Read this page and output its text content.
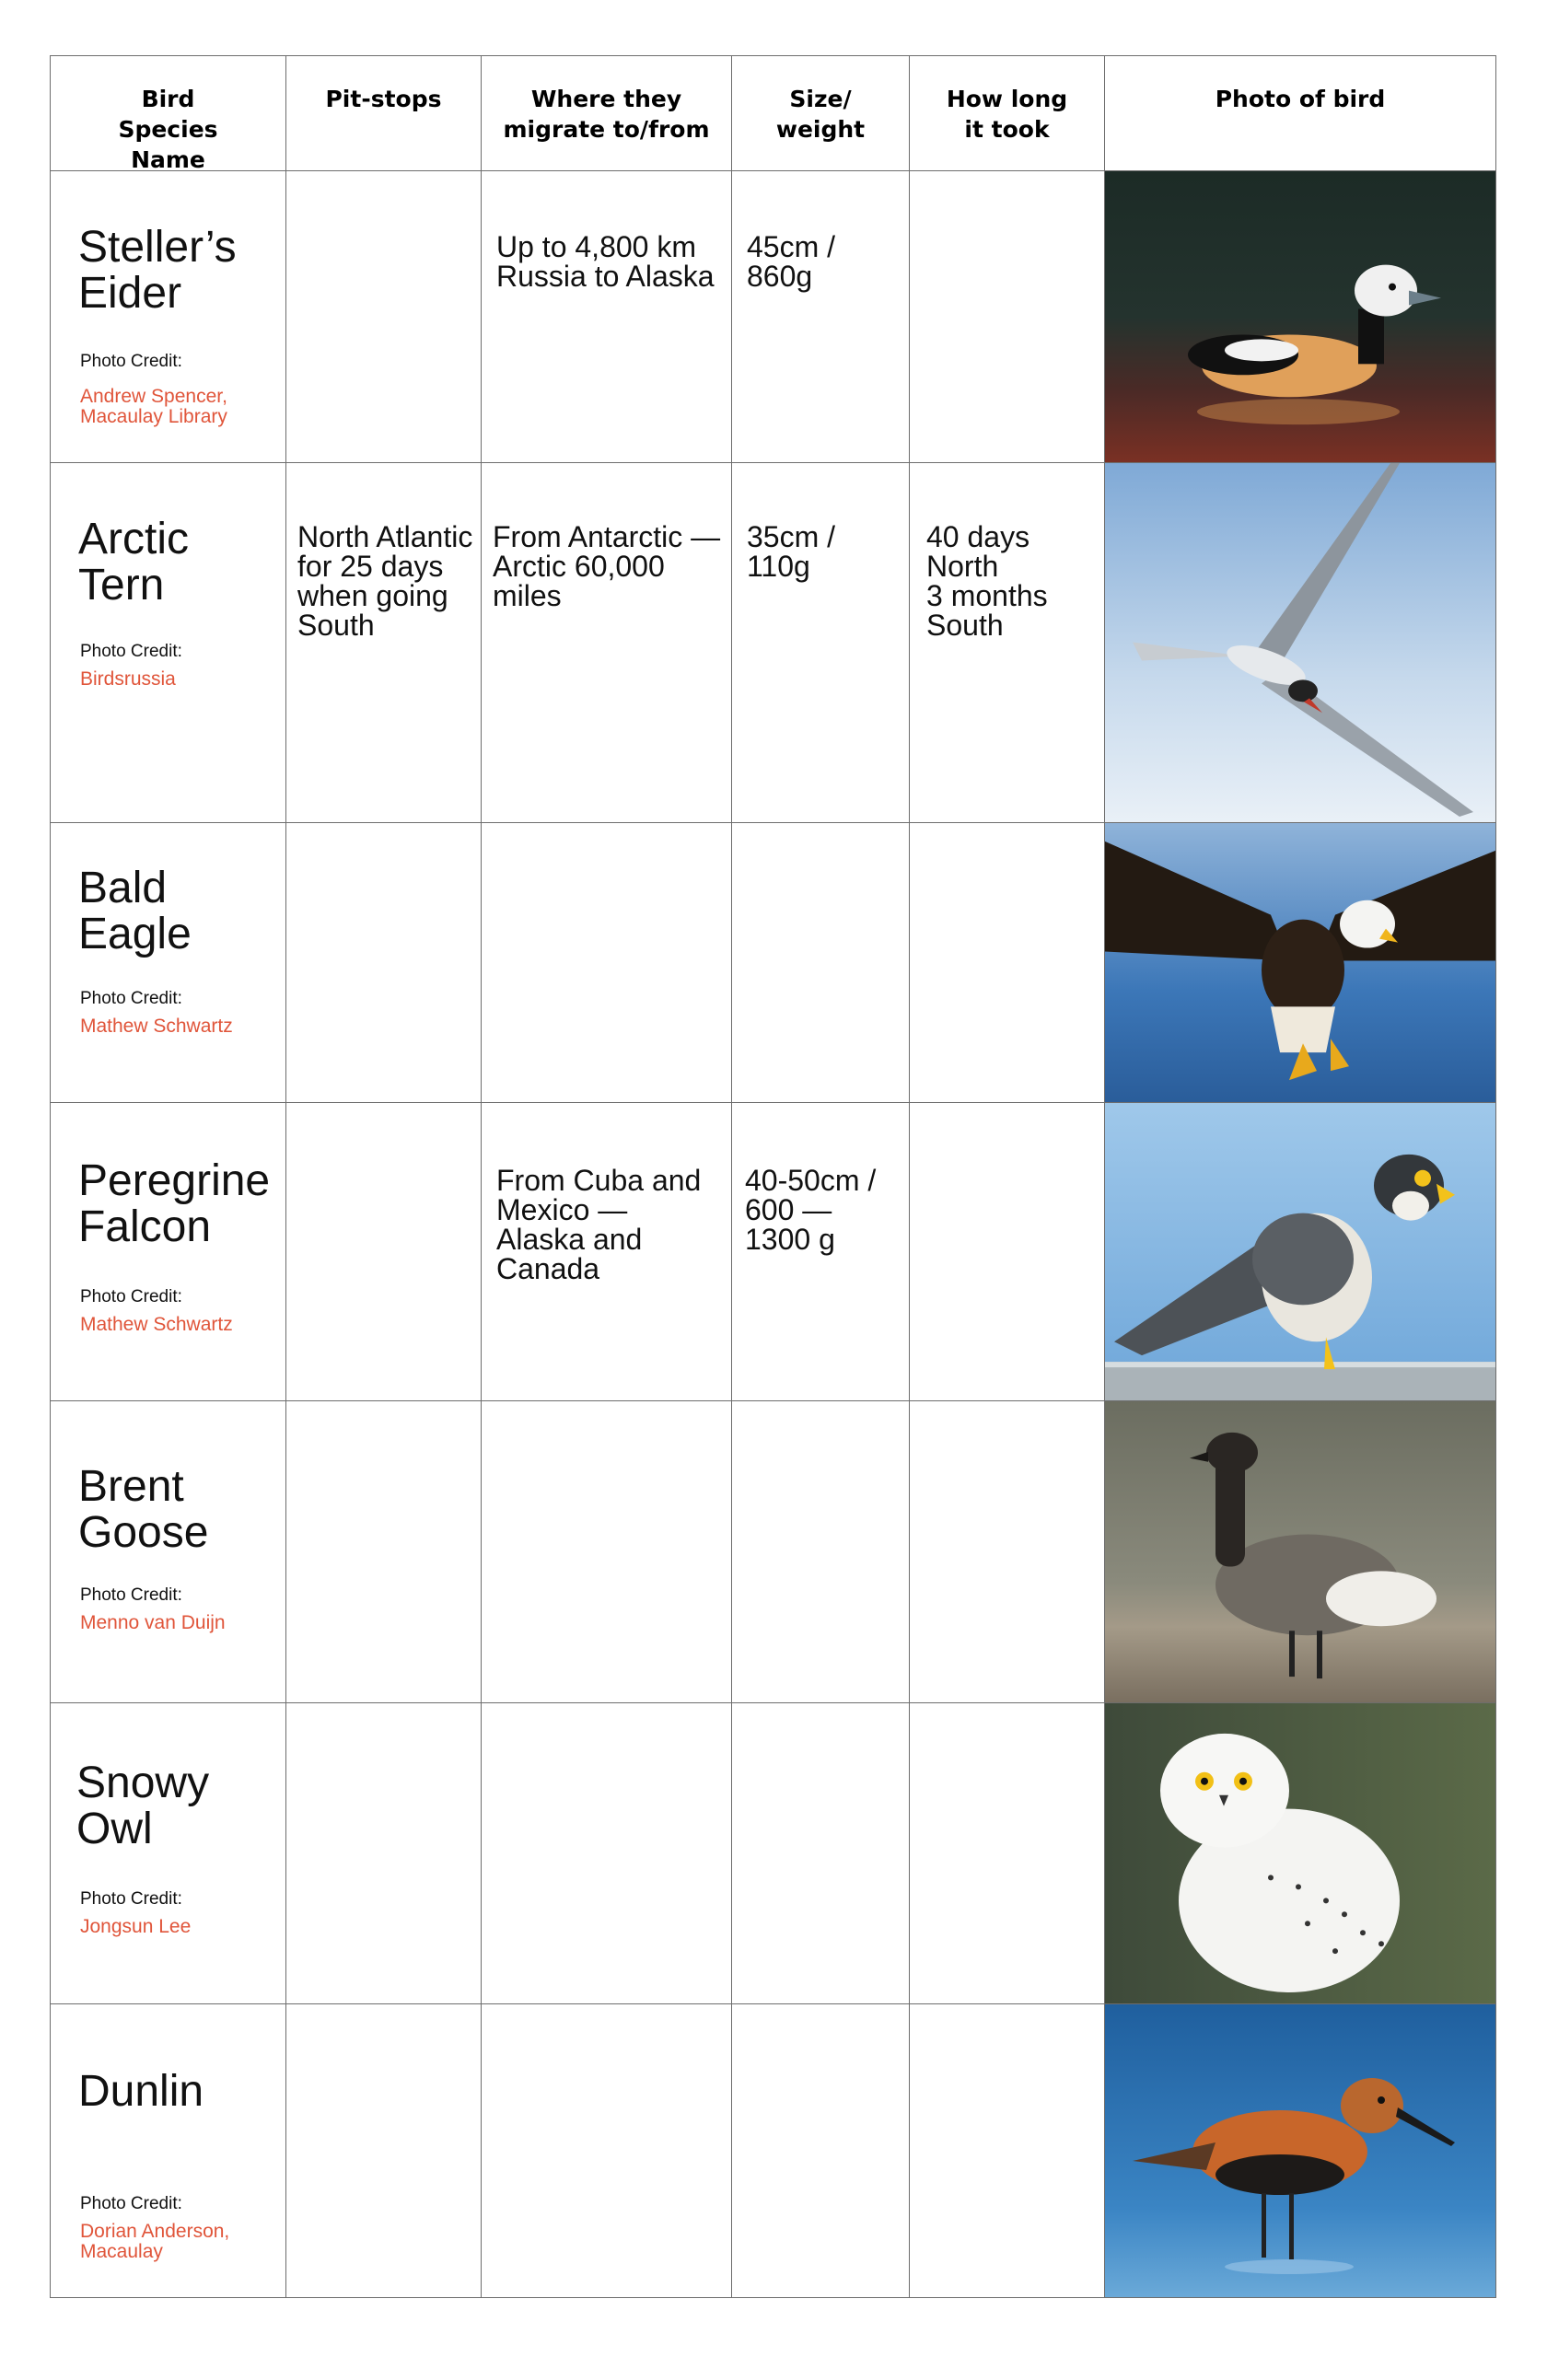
Bird Species Name
Pit-stops	Where they migrate to/from
Size/ weight
How long it took
Photo of bird
Steller’s Eider
Photo Credit:
Andrew Spencer, Macaulay Library
Up to 4,800 km Russia to Alaska
45cm / 860g
Arctic Tern
Photo Credit:
Birdsrussia
North Atlantic for 25 days when going South
From Antarctic — Arctic 60,000 miles
35cm / 110g
40 days North
3 months South
Bald Eagle
Photo Credit:
Mathew Schwartz
Peregrine Falcon
Photo Credit:
Mathew Schwartz
From Cuba and Mexico — Alaska and Canada
40-50cm / 600 — 1300 g
Brent Goose
Photo Credit:
Menno van Duijn
Snowy Owl
Photo Credit:
Jongsun Lee
Dunlin
Photo Credit:
Dorian Anderson, Macaulay
